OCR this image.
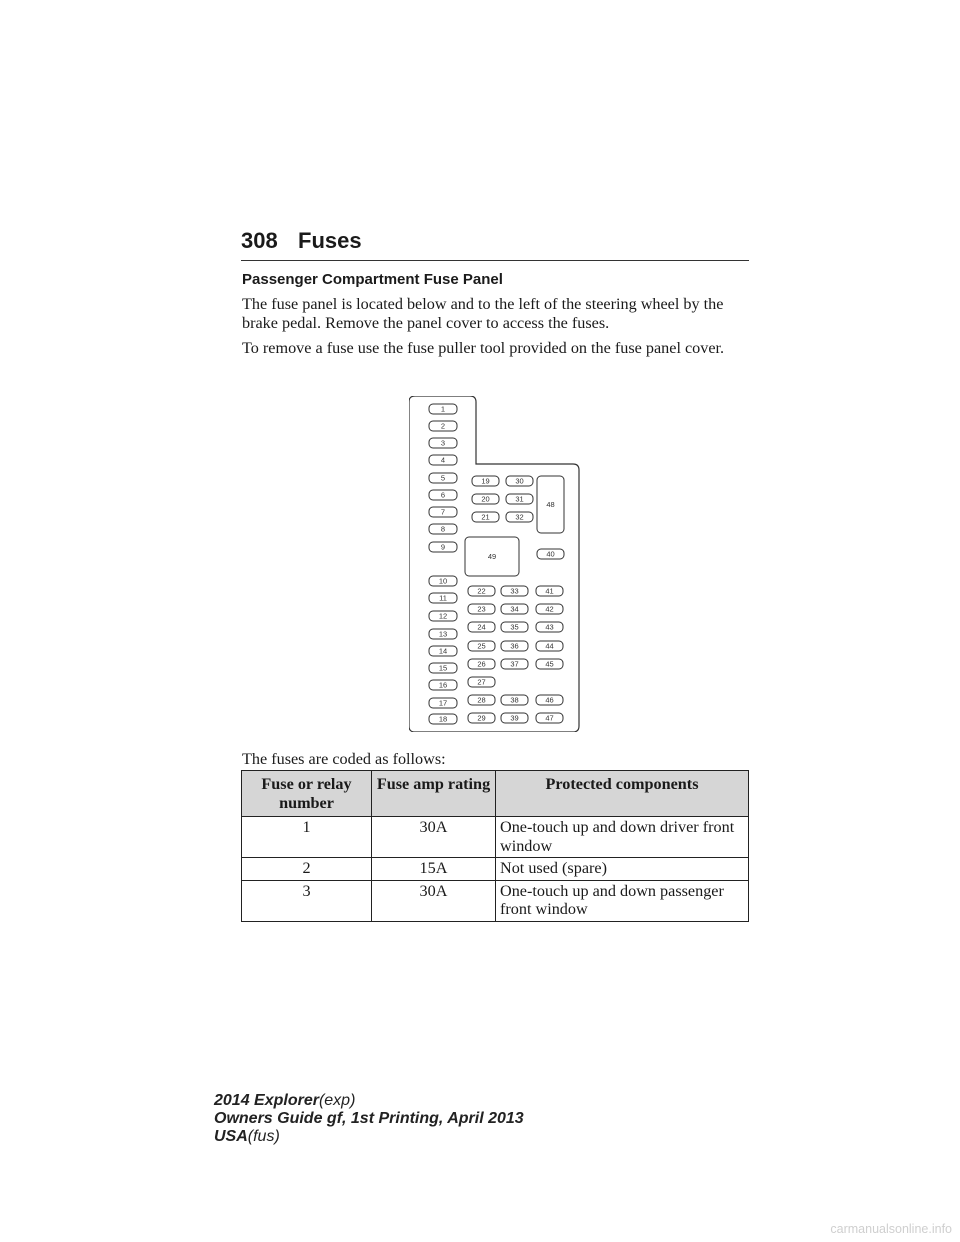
308 Fuses
Passenger Compartment Fuse Panel

The fuse panel is located below and to the left of the steering wheel by the brake pedal. Remove the panel cover to access the fuses.

To remove a fuse use the fuse puller tool provided on the fuse panel cover.

1
2
3
4
5
6
7
8
9
10
11
12
13
14
15
16
17
18
19	30
20	31
21	32
48
49	40
22	33	41
23	34	42
24	35	43
25	36	44
26	37	45
27
28	38	46
29	39	47

The fuses are coded as follows:

Fuse or relay number	Fuse amp rating	Protected components
1	30A	One-touch up and down driver front window
2	15A	Not used (spare)
3	30A	One-touch up and down passenger front window
2014 Explorer(exp)
Owners Guide gf, 1st Printing, April 2013
USA(fus)
carmanualsonline.info
